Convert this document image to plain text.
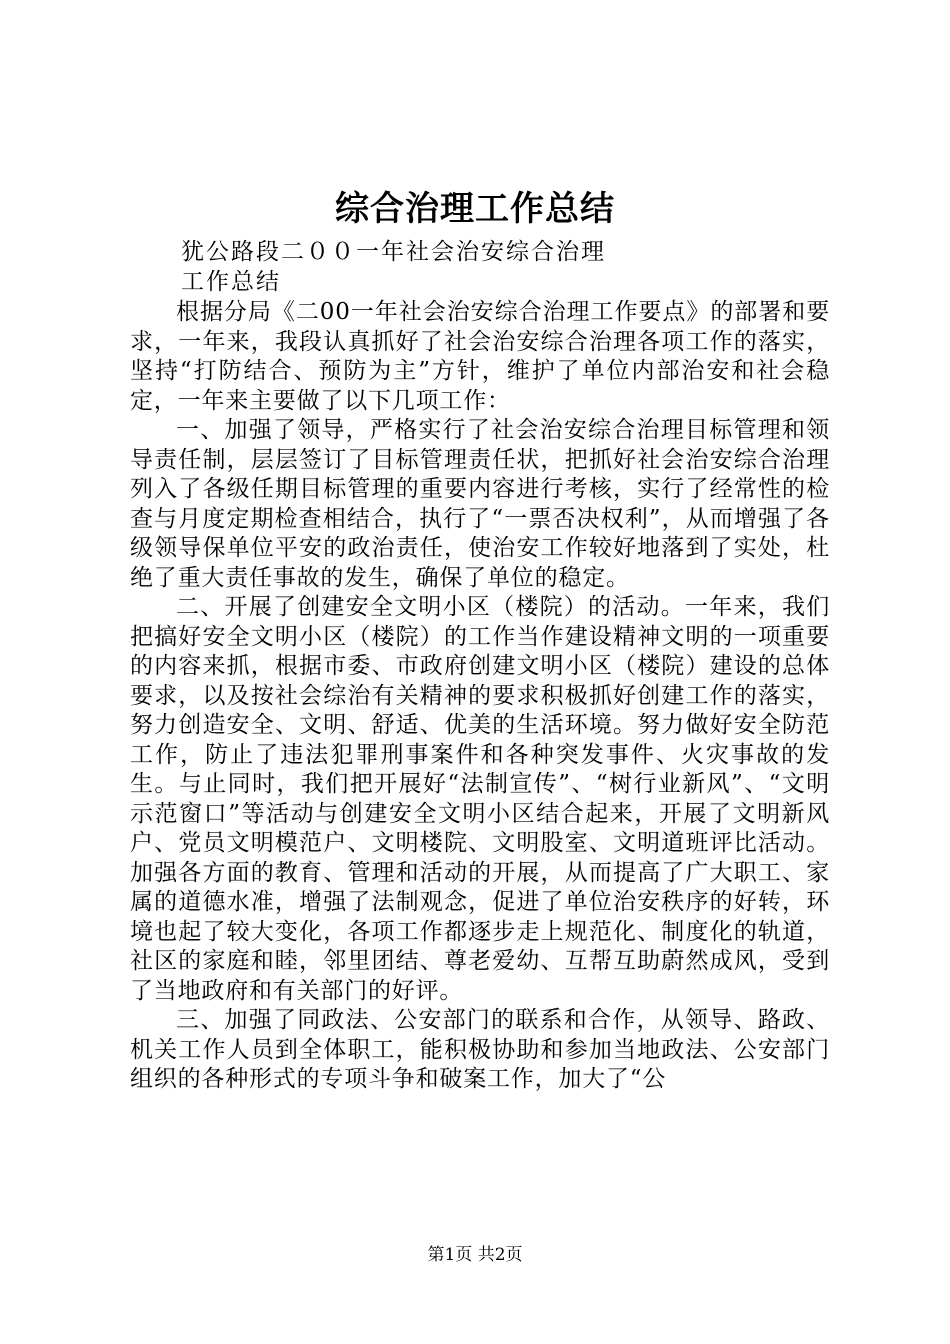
综合治理工作总结
犹公路段二００一年社会治安综合治理
工作总结

根据分局《二00一年社会治安综合治理工作要点》的部署和要求，一年来，我段认真抓好了社会治安综合治理各项工作的落实，坚持“打防结合、预防为主”方针，维护了单位内部治安和社会稳定，一年来主要做了以下几项工作：

一、加强了领导，严格实行了社会治安综合治理目标管理和领导责任制，层层签订了目标管理责任状，把抓好社会治安综合治理列入了各级任期目标管理的重要内容进行考核，实行了经常性的检查与月度定期检查相结合，执行了“一票否决权利”，从而增强了各级领导保单位平安的政治责任，使治安工作较好地落到了实处，杜绝了重大责任事故的发生，确保了单位的稳定。

二、开展了创建安全文明小区（楼院）的活动。一年来，我们把搞好安全文明小区（楼院）的工作当作建设精神文明的一项重要的内容来抓，根据市委、市政府创建文明小区（楼院）建设的总体要求，以及按社会综治有关精神的要求积极抓好创建工作的落实，努力创造安全、文明、舒适、优美的生活环境。努力做好安全防范工作，防止了违法犯罪刑事案件和各种突发事件、火灾事故的发生。与止同时，我们把开展好“法制宣传”、“树行业新风”、“文明示范窗口”等活动与创建安全文明小区结合起来，开展了文明新风户、党员文明模范户、文明楼院、文明股室、文明道班评比活动。加强各方面的教育、管理和活动的开展，从而提高了广大职工、家属的道德水准，增强了法制观念，促进了单位治安秩序的好转，环境也起了较大变化，各项工作都逐步走上规范化、制度化的轨道，社区的家庭和睦，邻里团结、尊老爱幼、互帮互助蔚然成风，受到了当地政府和有关部门的好评。

三、加强了同政法、公安部门的联系和合作，从领导、路政、机关工作人员到全体职工，能积极协助和参加当地政法、公安部门组织的各种形式的专项斗争和破案工作，加大了“公

第1页 共2页
